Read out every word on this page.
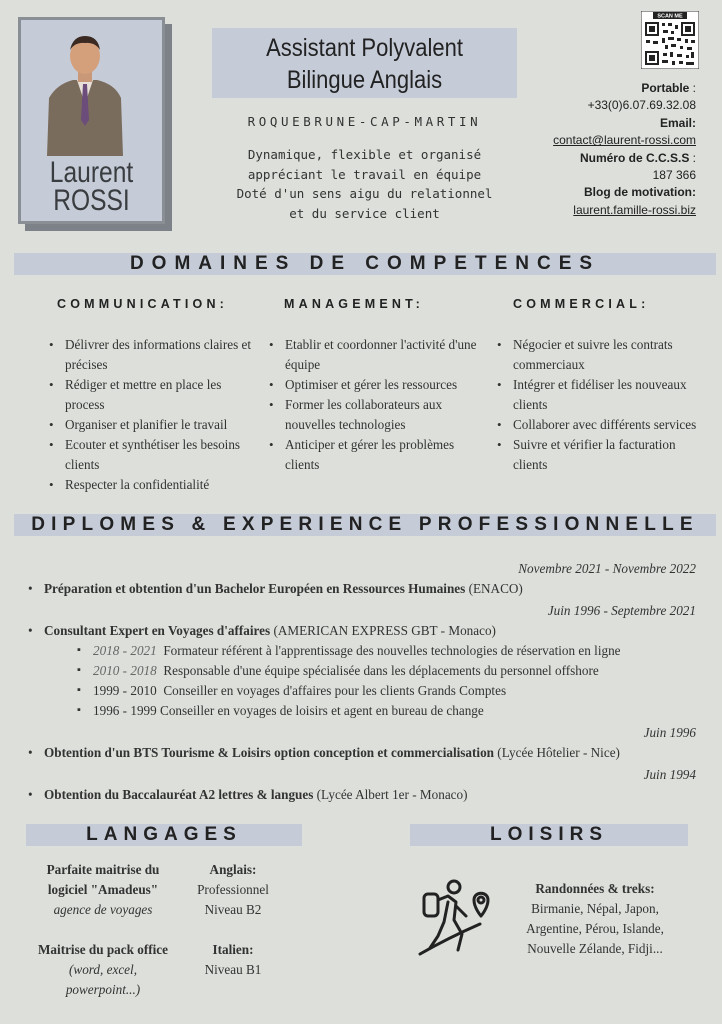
Laurent
ROSSI
Assistant Polyvalent
Bilingue Anglais
ROQUEBRUNE-CAP-MARTIN
Dynamique, flexible et organisé
appréciant le travail en équipe
Doté d'un sens aigu du relationnel
et du service client
SCAN ME
Portable :
+33(0)6.07.69.32.08
Email:
contact@laurent-rossi.com
Numéro de C.C.S.S :
187 366
Blog de motivation:
laurent.famille-rossi.biz
DOMAINES DE COMPETENCES
COMMUNICATION:	MANAGEMENT:	COMMERCIAL:
• Délivrer des informations claires et précises
• Rédiger et mettre en place les process
• Organiser et planifier le travail
• Ecouter et synthétiser les besoins clients
• Respecter la confidentialité
• Etablir et coordonner l'activité d'une équipe
• Optimiser et gérer les ressources
• Former les collaborateurs aux nouvelles technologies
• Anticiper et gérer les problèmes clients
• Négocier et suivre les contrats commerciaux
• Intégrer et fidéliser les nouveaux clients
• Collaborer avec différents services
• Suivre et vérifier la facturation clients
DIPLOMES & EXPERIENCE PROFESSIONNELLE
Novembre 2021 - Novembre 2022
• Préparation et obtention d'un Bachelor Européen en Ressources Humaines (ENACO)
Juin 1996 - Septembre 2021
• Consultant Expert en Voyages d'affaires (AMERICAN EXPRESS GBT - Monaco)
▪ 2018 - 2021 Formateur référent à l'apprentissage des nouvelles technologies de réservation en ligne
▪ 2010 - 2018 Responsable d'une équipe spécialisée dans les déplacements du personnel offshore
▪ 1999 - 2010 Conseiller en voyages d'affaires pour les clients Grands Comptes
▪ 1996 - 1999 Conseiller en voyages de loisirs et agent en bureau de change
Juin 1996
• Obtention d'un BTS Tourisme & Loisirs option conception et commercialisation (Lycée Hôtelier - Nice)
Juin 1994
• Obtention du Baccalauréat A2 lettres & langues (Lycée Albert 1er - Monaco)
LANGAGES
Parfaite maitrise du
logiciel "Amadeus"
agence de voyages
Maitrise du pack office
(word, excel,
powerpoint...)
Anglais:
Professionnel
Niveau B2
Italien:
Niveau B1
LOISIRS
Randonnées & treks:
Birmanie, Népal, Japon,
Argentine, Pérou, Islande,
Nouvelle Zélande, Fidji...
